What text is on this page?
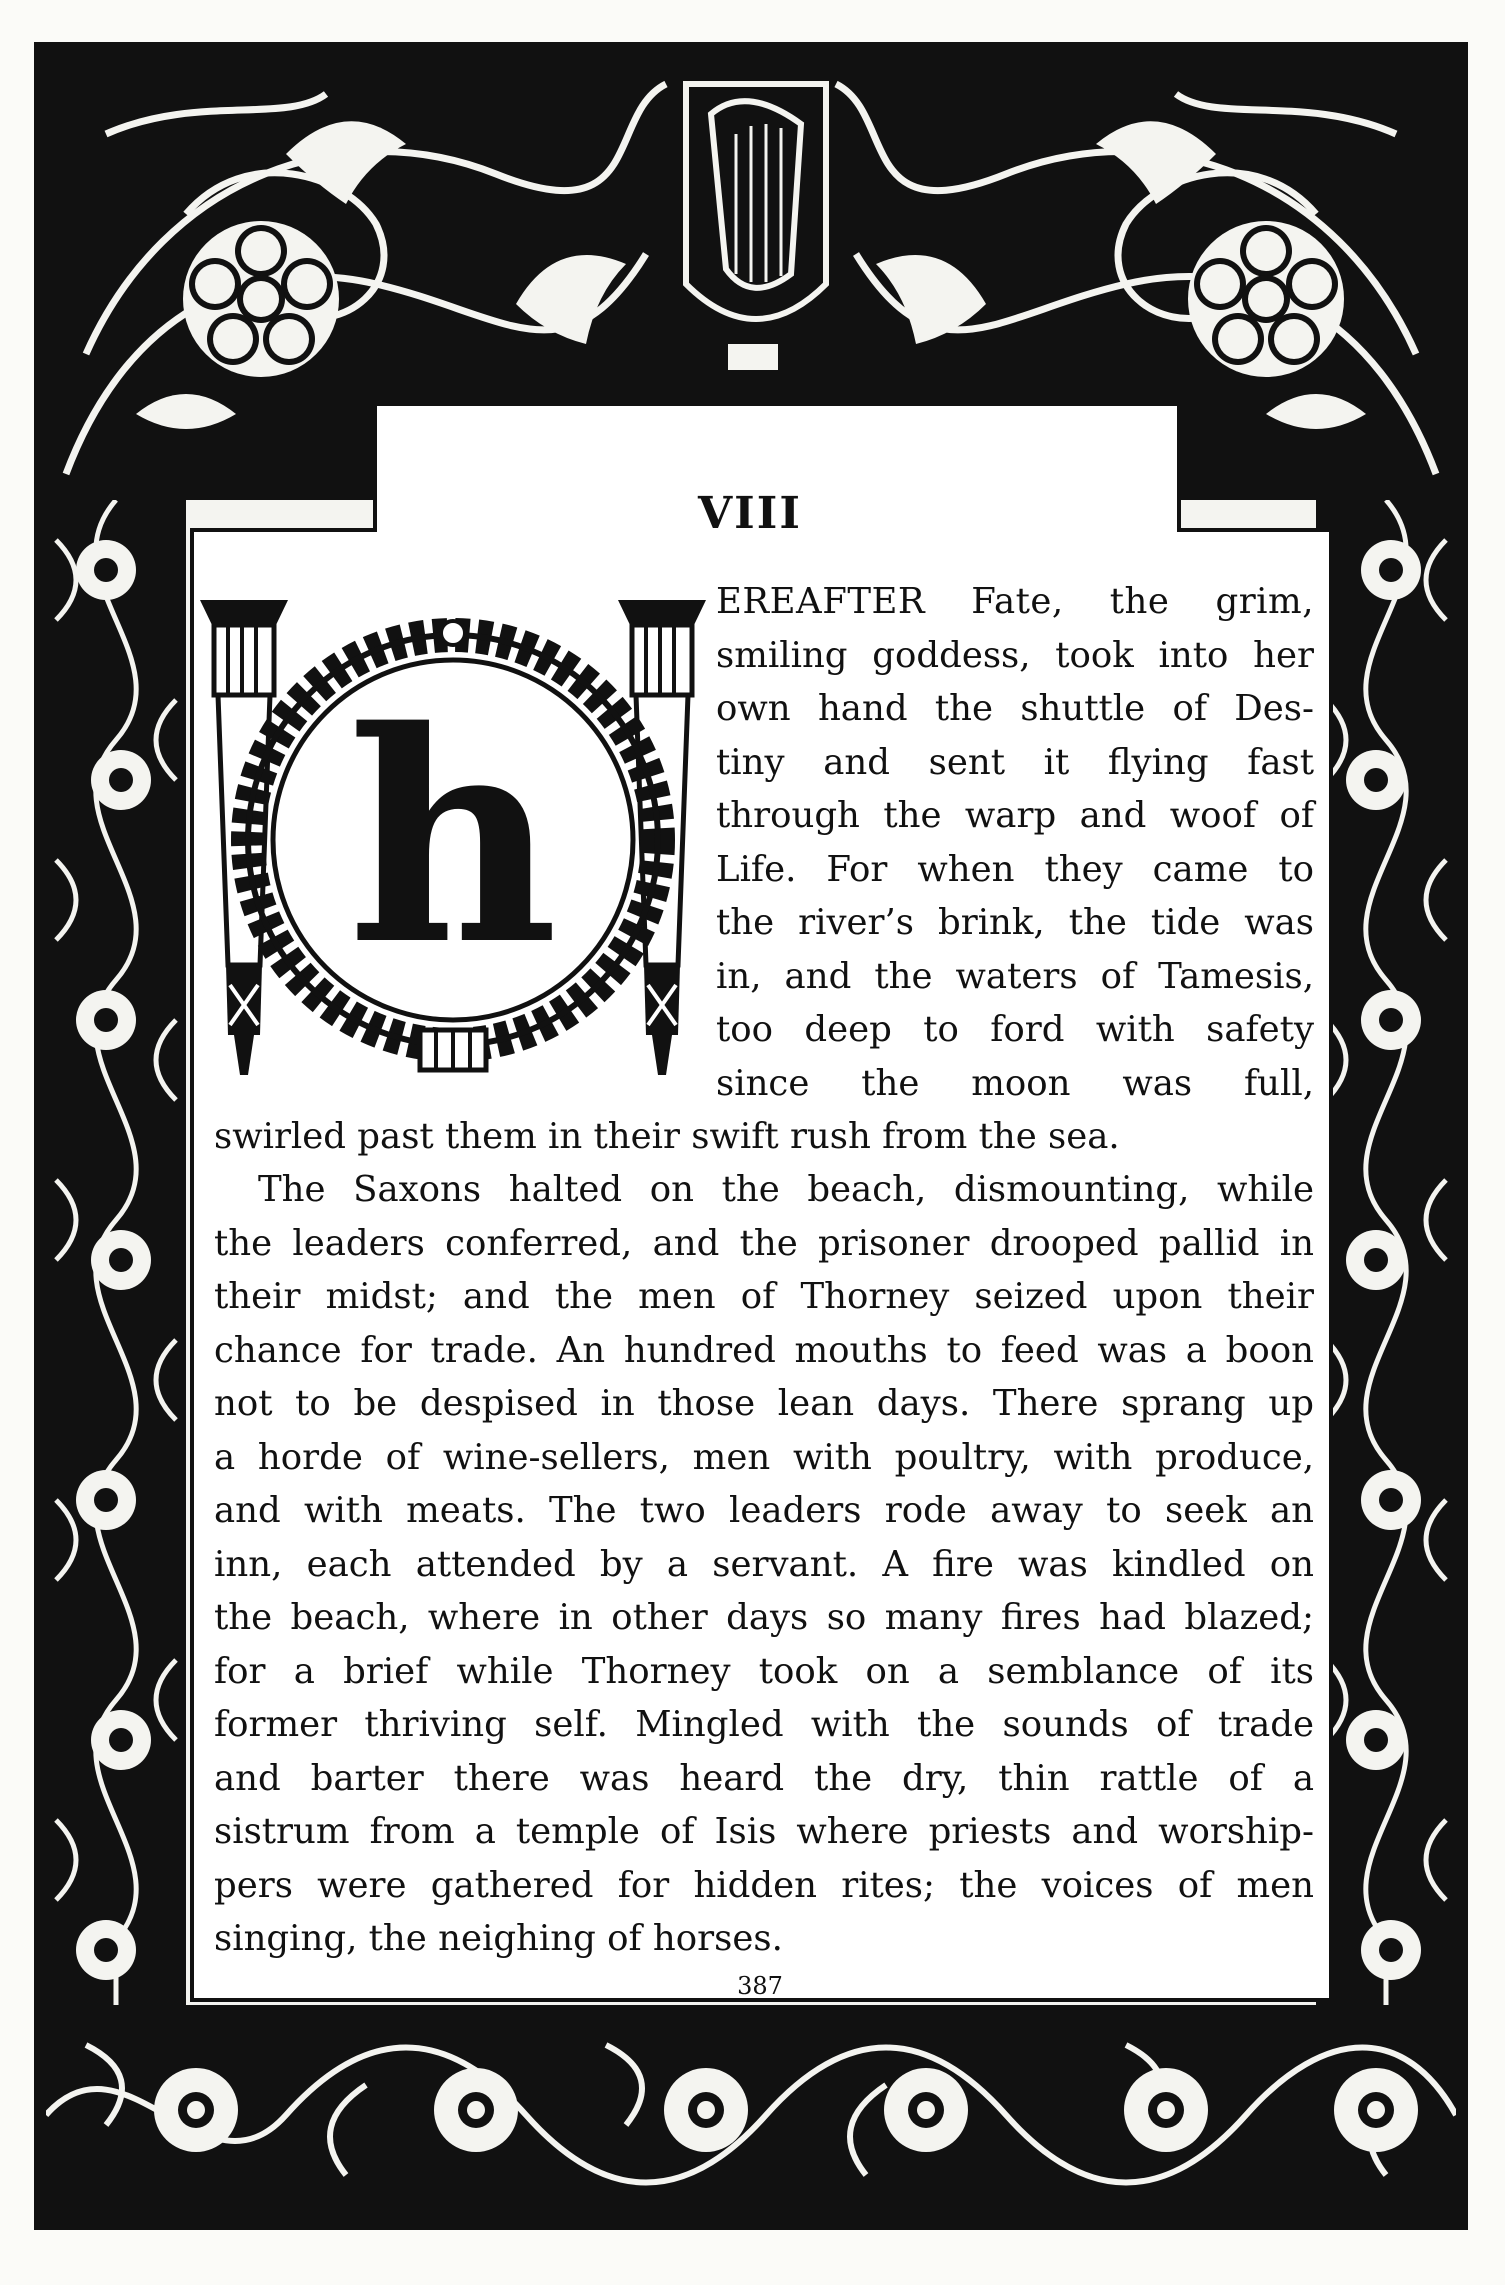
VIII
h

EREAFTER Fate, the grim,
smiling goddess, took into her
own hand the shuttle of Des-
tiny and sent it flying fast
through the warp and woof of
Life. For when they came to
the river’s brink, the tide was
in, and the waters of Tamesis,
too deep to ford with safety
since the moon was full,

swirled past them in their swift rush from the sea.

The Saxons halted on the beach, dismounting, while
the leaders conferred, and the prisoner drooped pallid in
their midst; and the men of Thorney seized upon their
chance for trade. An hundred mouths to feed was a boon
not to be despised in those lean days. There sprang up
a horde of wine-sellers, men with poultry, with produce,
and with meats. The two leaders rode away to seek an
inn, each attended by a servant. A fire was kindled on
the beach, where in other days so many fires had blazed;
for a brief while Thorney took on a semblance of its
former thriving self. Mingled with the sounds of trade
and barter there was heard the dry, thin rattle of a
sistrum from a temple of Isis where priests and worship-
pers were gathered for hidden rites; the voices of men
singing, the neighing of horses.

387
